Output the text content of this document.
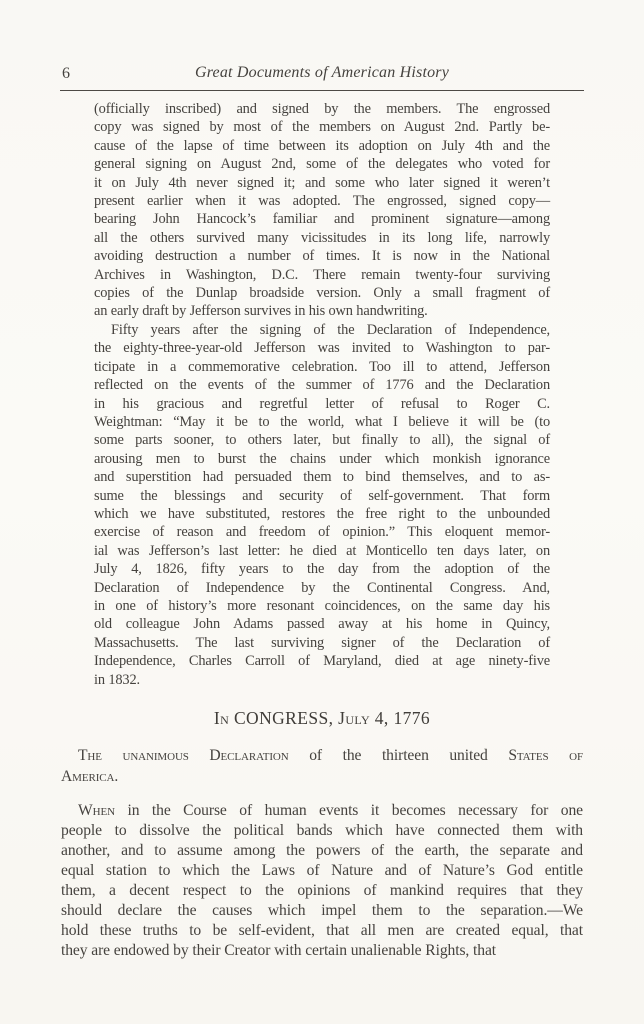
6	Great Documents of American History
(officially inscribed) and signed by the members. The engrossed
copy was signed by most of the members on August 2nd. Partly be-
cause of the lapse of time between its adoption on July 4th and the
general signing on August 2nd, some of the delegates who voted for
it on July 4th never signed it; and some who later signed it weren’t
present earlier when it was adopted. The engrossed, signed copy—
bearing John Hancock’s familiar and prominent signature—among
all the others survived many vicissitudes in its long life, narrowly
avoiding destruction a number of times. It is now in the National
Archives in Washington, D.C. There remain twenty-four surviving
copies of the Dunlap broadside version. Only a small fragment of
an early draft by Jefferson survives in his own handwriting.
Fifty years after the signing of the Declaration of Independence,
the eighty-three-year-old Jefferson was invited to Washington to par-
ticipate in a commemorative celebration. Too ill to attend, Jefferson
reflected on the events of the summer of 1776 and the Declaration
in his gracious and regretful letter of refusal to Roger C.
Weightman: “May it be to the world, what I believe it will be (to
some parts sooner, to others later, but finally to all), the signal of
arousing men to burst the chains under which monkish ignorance
and superstition had persuaded them to bind themselves, and to as-
sume the blessings and security of self-government. That form
which we have substituted, restores the free right to the unbounded
exercise of reason and freedom of opinion.” This eloquent memor-
ial was Jefferson’s last letter: he died at Monticello ten days later, on
July 4, 1826, fifty years to the day from the adoption of the
Declaration of Independence by the Continental Congress. And,
in one of history’s more resonant coincidences, on the same day his
old colleague John Adams passed away at his home in Quincy,
Massachusetts. The last surviving signer of the Declaration of
Independence, Charles Carroll of Maryland, died at age ninety-five
in 1832.
In CONGRESS, July 4, 1776
The unanimous Declaration of the thirteen united States of
America.
When in the Course of human events it becomes necessary for one
people to dissolve the political bands which have connected them with
another, and to assume among the powers of the earth, the separate and
equal station to which the Laws of Nature and of Nature’s God entitle
them, a decent respect to the opinions of mankind requires that they
should declare the causes which impel them to the separation.—We
hold these truths to be self-evident, that all men are created equal, that
they are endowed by their Creator with certain unalienable Rights, that
